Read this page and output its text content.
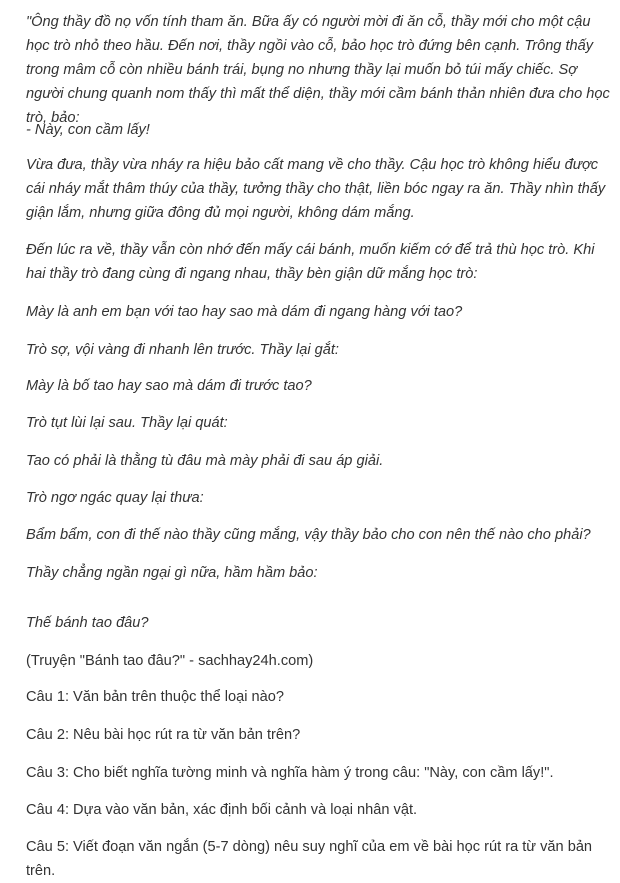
"Ông thầy đồ nọ vốn tính tham ăn. Bữa ấy có người mời đi ăn cỗ, thầy mới cho một cậu học trò nhỏ theo hầu. Đến nơi, thầy ngồi vào cỗ, bảo học trò đứng bên cạnh. Trông thấy trong mâm cỗ còn nhiều bánh trái, bụng no nhưng thầy lại muốn bỏ túi mấy chiếc. Sợ người chung quanh nom thấy thì mất thể diện, thầy mới cầm bánh thản nhiên đưa cho học trò, bảo:

- Này, con cầm lấy!

Vừa đưa, thầy vừa nháy ra hiệu bảo cất mang về cho thầy. Cậu học trò không hiểu được cái nháy mắt thâm thúy của thầy, tưởng thầy cho thật, liền bóc ngay ra ăn. Thầy nhìn thấy giận lắm, nhưng giữa đông đủ mọi người, không dám mắng.

Đến lúc ra về, thầy vẫn còn nhớ đến mấy cái bánh, muốn kiếm cớ để trả thù học trò. Khi hai thầy trò đang cùng đi ngang nhau, thầy bèn giận dữ mắng học trò:

Mày là anh em bạn với tao hay sao mà dám đi ngang hàng với tao?

Trò sợ, vội vàng đi nhanh lên trước. Thầy lại gắt:

Mày là bố tao hay sao mà dám đi trước tao?

Trò tụt lùi lại sau. Thầy lại quát:

Tao có phải là thằng tù đâu mà mày phải đi sau áp giải.

Trò ngơ ngác quay lại thưa:

Bẩm bẩm, con đi thế nào thầy cũng mắng, vậy thầy bảo cho con nên thế nào cho phải?

Thầy chẳng ngần ngại gì nữa, hầm hầm bảo:

Thế bánh tao đâu?

(Truyện "Bánh tao đâu?" - sachhay24h.com)

Câu 1: Văn bản trên thuộc thể loại nào?

Câu 2: Nêu bài học rút ra từ văn bản trên?

Câu 3: Cho biết nghĩa tường minh và nghĩa hàm ý trong câu: "Này, con cầm lấy!".

Câu 4: Dựa vào văn bản, xác định bối cảnh và loại nhân vật.

Câu 5: Viết đoạn văn ngắn (5-7 dòng) nêu suy nghĩ của em về bài học rút ra từ văn bản trên.
